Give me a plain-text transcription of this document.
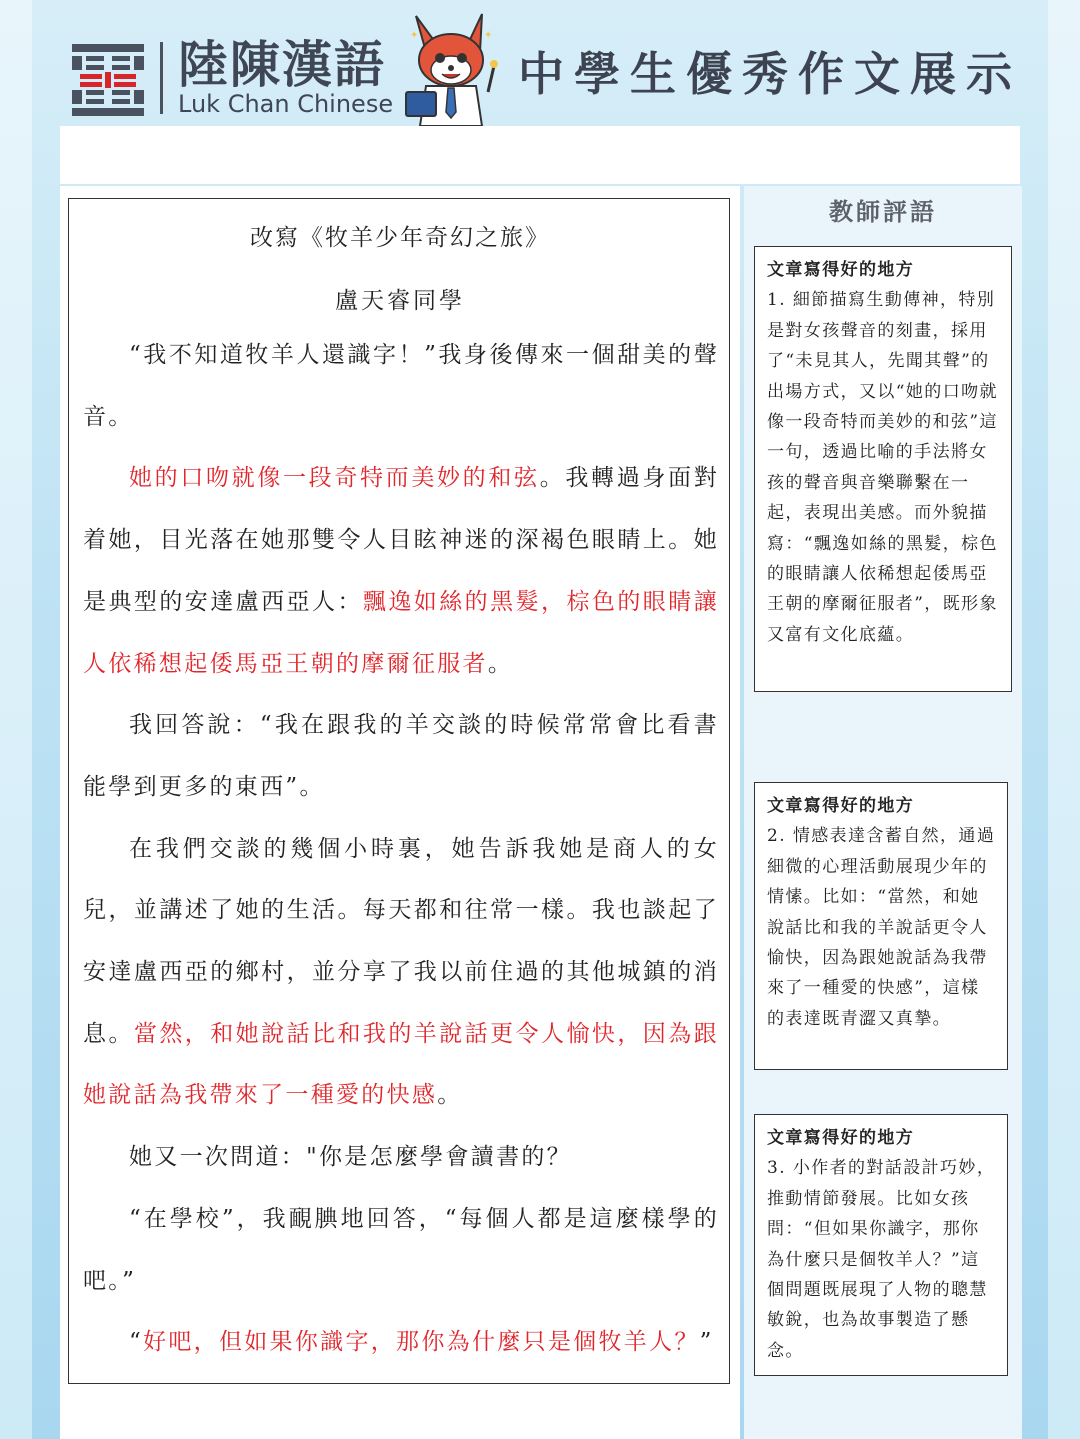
陸陳漢語
Luk Chan Chinese
✦	✦
中學生優秀作文展示
改寫《牧羊少年奇幻之旅》
盧天睿同學

“我不知道牧羊人還識字！”我身後傳來一個甜美的聲音。

她的口吻就像一段奇特而美妙的和弦。我轉過身面對着她，目光落在她那雙令人目眩神迷的深褐色眼睛上。她是典型的安達盧西亞人：飄逸如絲的黑髮，棕色的眼睛讓人依稀想起倭馬亞王朝的摩爾征服者。

我回答說：“我在跟我的羊交談的時候常常會比看書能學到更多的東西”。

在我們交談的幾個小時裏，她告訴我她是商人的女兒，並講述了她的生活。每天都和往常一樣。我也談起了安達盧西亞的鄉村，並分享了我以前住過的其他城鎮的消息。當然，和她說話比和我的羊說話更令人愉快，因為跟她說話為我帶來了一種愛的快感。

她又一次問道："你是怎麼學會讀書的？

“在學校”，我靦腆地回答，“每個人都是這麼樣學的吧。”

“好吧，但如果你識字，那你為什麼只是個牧羊人？”

教師評語
文章寫得好的地方
1. 細節描寫生動傳神，特別是對女孩聲音的刻畫，採用了“未見其人，先聞其聲”的出場方式，又以“她的口吻就像一段奇特而美妙的和弦”這一句，透過比喻的手法將女孩的聲音與音樂聯繫在一起，表現出美感。而外貌描寫：“飄逸如絲的黑髮，棕色的眼睛讓人依稀想起倭馬亞王朝的摩爾征服者”，既形象又富有文化底蘊。
文章寫得好的地方
2. 情感表達含蓄自然，通過細微的心理活動展現少年的情愫。比如：“當然，和她說話比和我的羊說話更令人愉快，因為跟她說話為我帶來了一種愛的快感”，這樣的表達既青澀又真摯。
文章寫得好的地方
3. 小作者的對話設計巧妙，推動情節發展。比如女孩問：“但如果你識字，那你為什麼只是個牧羊人？”這個問題既展現了人物的聰慧敏銳，也為故事製造了懸念。
